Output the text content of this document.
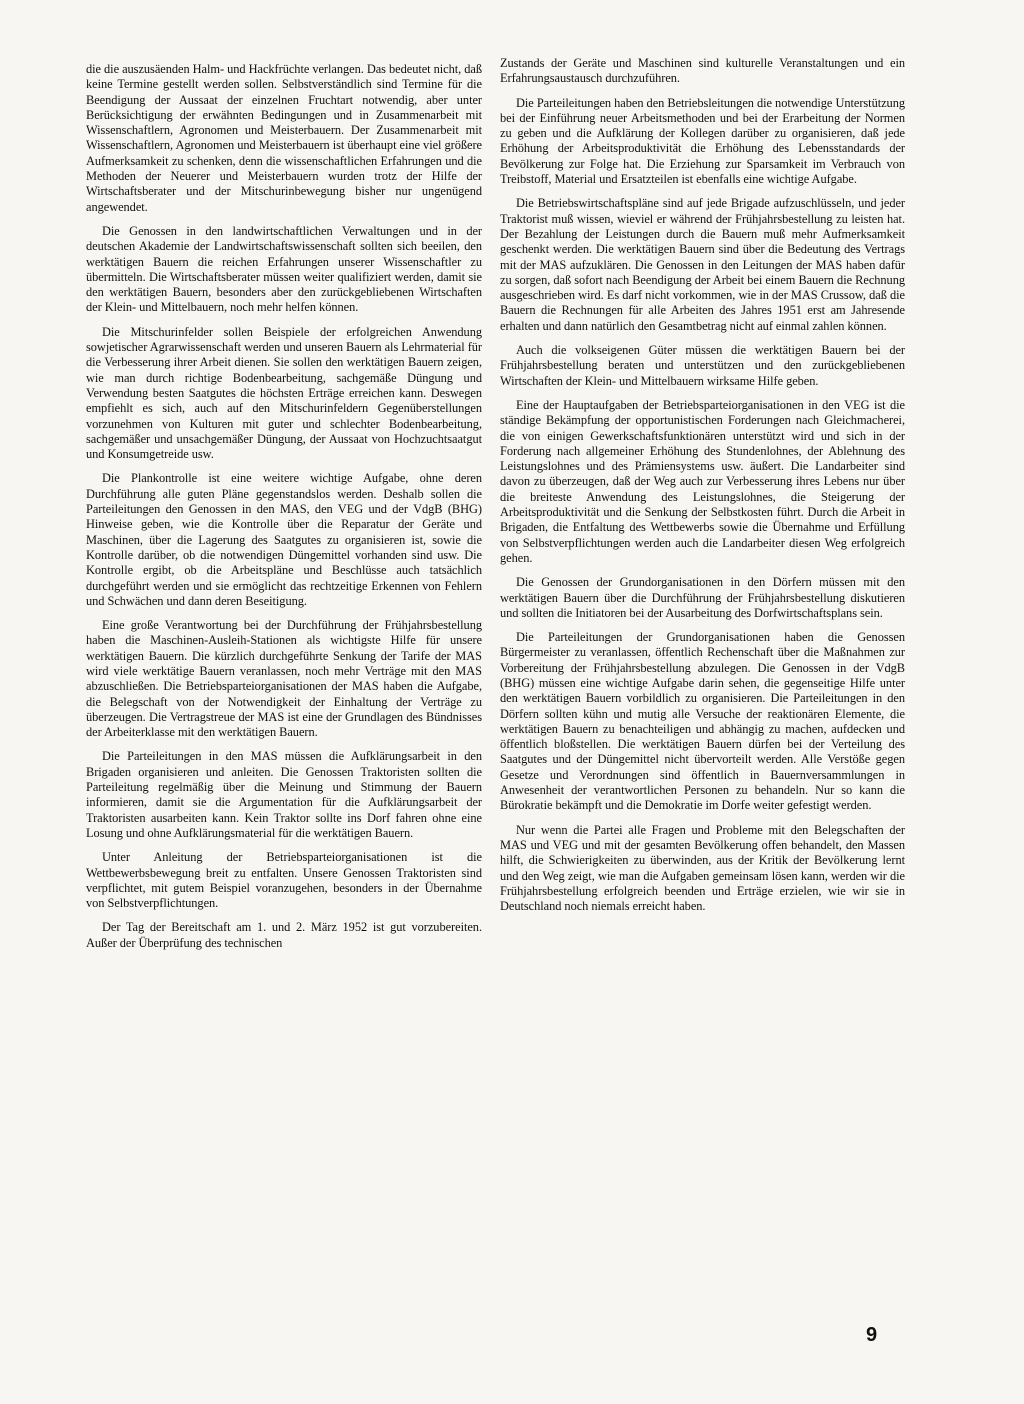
die die auszusäenden Halm- und Hackfrüchte verlangen. Das bedeutet nicht, daß keine Termine gestellt werden sollen. Selbstverständlich sind Termine für die Beendigung der Aussaat der einzelnen Fruchtart notwendig, aber unter Berücksichtigung der erwähnten Bedingungen und in Zusammenarbeit mit Wissenschaftlern, Agronomen und Meisterbauern. Der Zusammenarbeit mit Wissenschaftlern, Agronomen und Meisterbauern ist überhaupt eine viel größere Aufmerksamkeit zu schenken, denn die wissenschaftlichen Erfahrungen und die Methoden der Neuerer und Meisterbauern wurden trotz der Hilfe der Wirtschaftsberater und der Mitschurinbewegung bisher nur ungenügend angewendet.

Die Genossen in den landwirtschaftlichen Verwaltungen und in der deutschen Akademie der Landwirtschaftswissenschaft sollten sich beeilen, den werktätigen Bauern die reichen Erfahrungen unserer Wissenschaftler zu übermitteln. Die Wirtschaftsberater müssen weiter qualifiziert werden, damit sie den werktätigen Bauern, besonders aber den zurückgebliebenen Wirtschaften der Klein- und Mittelbauern, noch mehr helfen können.

Die Mitschurinfelder sollen Beispiele der erfolgreichen Anwendung sowjetischer Agrarwissenschaft werden und unseren Bauern als Lehrmaterial für die Verbesserung ihrer Arbeit dienen. Sie sollen den werktätigen Bauern zeigen, wie man durch richtige Bodenbearbeitung, sachgemäße Düngung und Verwendung besten Saatgutes die höchsten Erträge erreichen kann. Deswegen empfiehlt es sich, auch auf den Mitschurinfeldern Gegenüberstellungen vorzunehmen von Kulturen mit guter und schlechter Bodenbearbeitung, sachgemäßer und unsachgemäßer Düngung, der Aussaat von Hochzuchtsaatgut und Konsumgetreide usw.

Die Plankontrolle ist eine weitere wichtige Aufgabe, ohne deren Durchführung alle guten Pläne gegenstandslos werden. Deshalb sollen die Parteileitungen den Genossen in den MAS, den VEG und der VdgB (BHG) Hinweise geben, wie die Kontrolle über die Reparatur der Geräte und Maschinen, über die Lagerung des Saatgutes zu organisieren ist, sowie die Kontrolle darüber, ob die notwendigen Düngemittel vorhanden sind usw. Die Kontrolle ergibt, ob die Arbeitspläne und Beschlüsse auch tatsächlich durchgeführt werden und sie ermöglicht das rechtzeitige Erkennen von Fehlern und Schwächen und dann deren Beseitigung.

Eine große Verantwortung bei der Durchführung der Frühjahrsbestellung haben die Maschinen-Ausleih-Stationen als wichtigste Hilfe für unsere werktätigen Bauern. Die kürzlich durchgeführte Senkung der Tarife der MAS wird viele werktätige Bauern veranlassen, noch mehr Verträge mit den MAS abzuschließen. Die Betriebsparteiorganisationen der MAS haben die Aufgabe, die Belegschaft von der Notwendigkeit der Einhaltung der Verträge zu überzeugen. Die Vertragstreue der MAS ist eine der Grundlagen des Bündnisses der Arbeiterklasse mit den werktätigen Bauern.

Die Parteileitungen in den MAS müssen die Aufklärungsarbeit in den Brigaden organisieren und anleiten. Die Genossen Traktoristen sollten die Parteileitung regelmäßig über die Meinung und Stimmung der Bauern informieren, damit sie die Argumentation für die Aufklärungsarbeit der Traktoristen ausarbeiten kann. Kein Traktor sollte ins Dorf fahren ohne eine Losung und ohne Aufklärungsmaterial für die werktätigen Bauern.

Unter Anleitung der Betriebsparteiorganisationen ist die Wettbewerbsbewegung breit zu entfalten. Unsere Genossen Traktoristen sind verpflichtet, mit gutem Beispiel voranzugehen, besonders in der Übernahme von Selbstverpflichtungen.

Der Tag der Bereitschaft am 1. und 2. März 1952 ist gut vorzubereiten. Außer der Überprüfung des technischen

Zustands der Geräte und Maschinen sind kulturelle Veranstaltungen und ein Erfahrungsaustausch durchzuführen.

Die Parteileitungen haben den Betriebsleitungen die notwendige Unterstützung bei der Einführung neuer Arbeitsmethoden und bei der Erarbeitung der Normen zu geben und die Aufklärung der Kollegen darüber zu organisieren, daß jede Erhöhung der Arbeitsproduktivität die Erhöhung des Lebensstandards der Bevölkerung zur Folge hat. Die Erziehung zur Sparsamkeit im Verbrauch von Treibstoff, Material und Ersatzteilen ist ebenfalls eine wichtige Aufgabe.

Die Betriebswirtschaftspläne sind auf jede Brigade aufzuschlüsseln, und jeder Traktorist muß wissen, wieviel er während der Frühjahrsbestellung zu leisten hat. Der Bezahlung der Leistungen durch die Bauern muß mehr Aufmerksamkeit geschenkt werden. Die werktätigen Bauern sind über die Bedeutung des Vertrags mit der MAS aufzuklären. Die Genossen in den Leitungen der MAS haben dafür zu sorgen, daß sofort nach Beendigung der Arbeit bei einem Bauern die Rechnung ausgeschrieben wird. Es darf nicht vorkommen, wie in der MAS Crussow, daß die Bauern die Rechnungen für alle Arbeiten des Jahres 1951 erst am Jahresende erhalten und dann natürlich den Gesamtbetrag nicht auf einmal zahlen können.

Auch die volkseigenen Güter müssen die werktätigen Bauern bei der Frühjahrsbestellung beraten und unterstützen und den zurückgebliebenen Wirtschaften der Klein- und Mittelbauern wirksame Hilfe geben.

Eine der Hauptaufgaben der Betriebsparteiorganisationen in den VEG ist die ständige Bekämpfung der opportunistischen Forderungen nach Gleichmacherei, die von einigen Gewerkschaftsfunktionären unterstützt wird und sich in der Forderung nach allgemeiner Erhöhung des Stundenlohnes, der Ablehnung des Leistungslohnes und des Prämiensystems usw. äußert. Die Landarbeiter sind davon zu überzeugen, daß der Weg auch zur Verbesserung ihres Lebens nur über die breiteste Anwendung des Leistungslohnes, die Steigerung der Arbeitsproduktivität und die Senkung der Selbstkosten führt. Durch die Arbeit in Brigaden, die Entfaltung des Wettbewerbs sowie die Übernahme und Erfüllung von Selbstverpflichtungen werden auch die Landarbeiter diesen Weg erfolgreich gehen.

Die Genossen der Grundorganisationen in den Dörfern müssen mit den werktätigen Bauern über die Durchführung der Frühjahrsbestellung diskutieren und sollten die Initiatoren bei der Ausarbeitung des Dorfwirtschaftsplans sein.

Die Parteileitungen der Grundorganisationen haben die Genossen Bürgermeister zu veranlassen, öffentlich Rechenschaft über die Maßnahmen zur Vorbereitung der Frühjahrsbestellung abzulegen. Die Genossen in der VdgB (BHG) müssen eine wichtige Aufgabe darin sehen, die gegenseitige Hilfe unter den werktätigen Bauern vorbildlich zu organisieren. Die Parteileitungen in den Dörfern sollten kühn und mutig alle Versuche der reaktionären Elemente, die werktätigen Bauern zu benachteiligen und abhängig zu machen, aufdecken und öffentlich bloßstellen. Die werktätigen Bauern dürfen bei der Verteilung des Saatgutes und der Düngemittel nicht übervorteilt werden. Alle Verstöße gegen Gesetze und Verordnungen sind öffentlich in Bauernversammlungen in Anwesenheit der verantwortlichen Personen zu behandeln. Nur so kann die Bürokratie bekämpft und die Demokratie im Dorfe weiter gefestigt werden.

Nur wenn die Partei alle Fragen und Probleme mit den Belegschaften der MAS und VEG und mit der gesamten Bevölkerung offen behandelt, den Massen hilft, die Schwierigkeiten zu überwinden, aus der Kritik der Bevölkerung lernt und den Weg zeigt, wie man die Aufgaben gemeinsam lösen kann, werden wir die Frühjahrsbestellung erfolgreich beenden und Erträge erzielen, wie wir sie in Deutschland noch niemals erreicht haben.

9
